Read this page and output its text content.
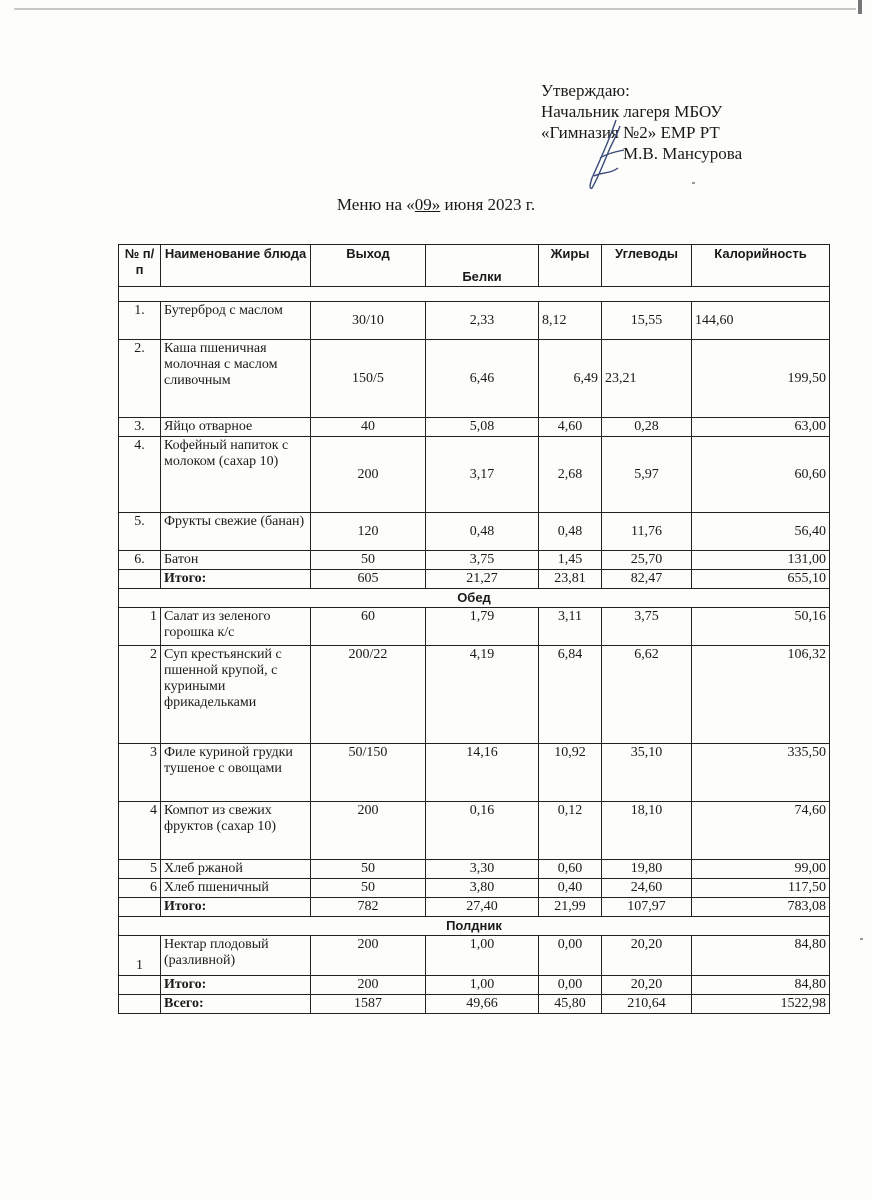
Утверждаю:
Начальник лагеря МБОУ
«Гимназия №2» ЕМР РТ
М.В. Мансурова
Меню на «09» июня 2023 г.
№ п/п	Наименование блюда	Выход	Белки	Жиры	Углеводы	Калорийность

1.	Бутерброд с маслом	30/10	2,33	8,12	15,55	144,60
2.	Каша пшеничная молочная с маслом сливочным	150/5	6,46	6,49	23,21	199,50
3.	Яйцо отварное	40	5,08	4,60	0,28	63,00
4.	Кофейный напиток с молоком (сахар 10)	200	3,17	2,68	5,97	60,60
5.	Фрукты свежие (банан)	120	0,48	0,48	11,76	56,40
6.	Батон	50	3,75	1,45	25,70	131,00
	Итого:	605	21,27	23,81	82,47	655,10
Обед						
1	Салат из зеленого горошка к/с	60	1,79	3,11	3,75	50,16
2	Суп крестьянский с пшенной крупой, с куриными фрикадельками	200/22	4,19	6,84	6,62	106,32
3	Филе куриной грудки тушеное с овощами	50/150	14,16	10,92	35,10	335,50
4	Компот из свежих фруктов (сахар 10)	200	0,16	0,12	18,10	74,60
5	Хлеб ржаной	50	3,30	0,60	19,80	99,00
6	Хлеб пшеничный	50	3,80	0,40	24,60	117,50
	Итого:	782	27,40	21,99	107,97	783,08
Полдник						
1	Нектар плодовый (разливной)	200	1,00	0,00	20,20	84,80
	Итого:	200	1,00	0,00	20,20	84,80
	Всего:	1587	49,66	45,80	210,64	1522,98
